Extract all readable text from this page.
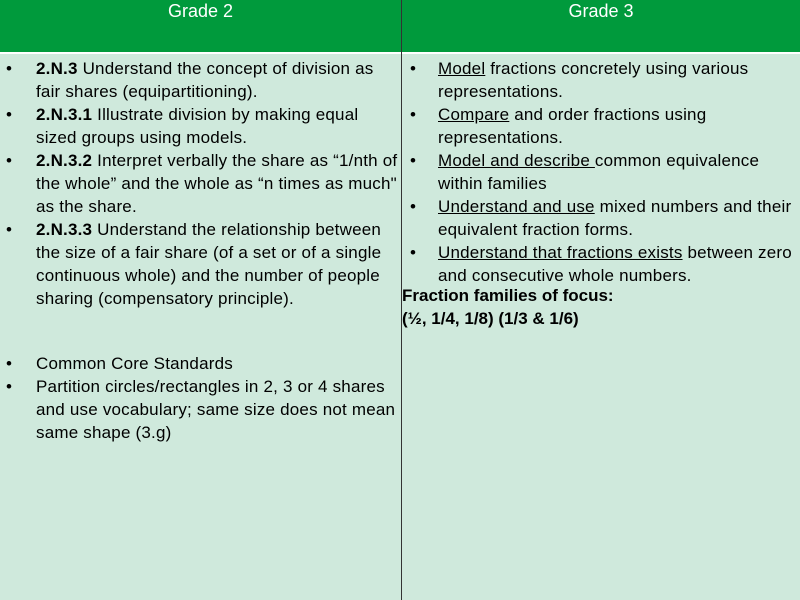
Grade 2	Grade 3
• 2.N.3 Understand the concept of division as fair shares (equipartitioning).
• 2.N.3.1 Illustrate division by making equal sized groups using models.
• 2.N.3.2 Interpret verbally the share as “1/nth of the whole” and the whole as “n times as much" as the share.
• 2.N.3.3 Understand the relationship between the size of a fair share (of a set or of a single continuous whole) and the number of people sharing (compensatory principle).
• Common Core Standards
• Partition circles/rectangles in 2, 3 or 4 shares and use vocabulary; same size does not mean same shape (3.g)
• Model fractions concretely using various representations.
• Compare and order fractions using representations.
• Model and describe common equivalence within families
• Understand and use mixed numbers and their equivalent fraction forms.
• Understand that fractions exists between zero and consecutive whole numbers.
Fraction families of focus:
(½, 1/4, 1/8) (1/3 & 1/6)
